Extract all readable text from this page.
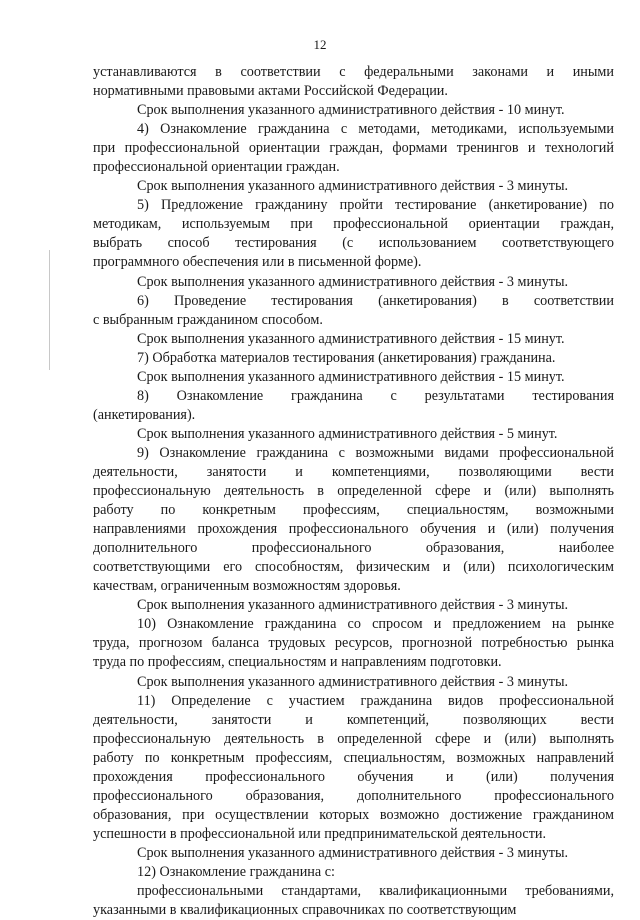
12
устанавливаются в соответствии с федеральными законами и иными
нормативными правовыми актами Российской Федерации.
Срок выполнения указанного административного действия - 10 минут.
4) Ознакомление гражданина с методами, методиками, используемыми
при профессиональной ориентации граждан, формами тренингов и технологий
профессиональной ориентации граждан.
Срок выполнения указанного административного действия - 3 минуты.
5) Предложение гражданину пройти тестирование (анкетирование) по
методикам, используемым при профессиональной ориентации граждан,
выбрать способ тестирования (с использованием соответствующего
программного обеспечения или в письменной форме).
Срок выполнения указанного административного действия - 3 минуты.
6) Проведение тестирования (анкетирования) в соответствии
с выбранным гражданином способом.
Срок выполнения указанного административного действия - 15 минут.
7) Обработка материалов тестирования (анкетирования) гражданина.
Срок выполнения указанного административного действия - 15 минут.
8) Ознакомление гражданина с результатами тестирования
(анкетирования).
Срок выполнения указанного административного действия - 5 минут.
9) Ознакомление гражданина с возможными видами профессиональной
деятельности, занятости и компетенциями, позволяющими вести
профессиональную деятельность в определенной сфере и (или) выполнять
работу по конкретным профессиям, специальностям, возможными
направлениями прохождения профессионального обучения и (или) получения
дополнительного профессионального образования, наиболее
соответствующими его способностям, физическим и (или) психологическим
качествам, ограниченным возможностям здоровья.
Срок выполнения указанного административного действия - 3 минуты.
10) Ознакомление гражданина со спросом и предложением на рынке
труда, прогнозом баланса трудовых ресурсов, прогнозной потребностью рынка
труда по профессиям, специальностям и направлениям подготовки.
Срок выполнения указанного административного действия - 3 минуты.
11) Определение с участием гражданина видов профессиональной
деятельности, занятости и компетенций, позволяющих вести
профессиональную деятельность в определенной сфере и (или) выполнять
работу по конкретным профессиям, специальностям, возможных направлений
прохождения профессионального обучения и (или) получения
профессионального образования, дополнительного профессионального
образования, при осуществлении которых возможно достижение гражданином
успешности в профессиональной или предпринимательской деятельности.
Срок выполнения указанного административного действия - 3 минуты.
12) Ознакомление гражданина с:
профессиональными стандартами, квалификационными требованиями,
указанными в квалификационных справочниках по соответствующим
